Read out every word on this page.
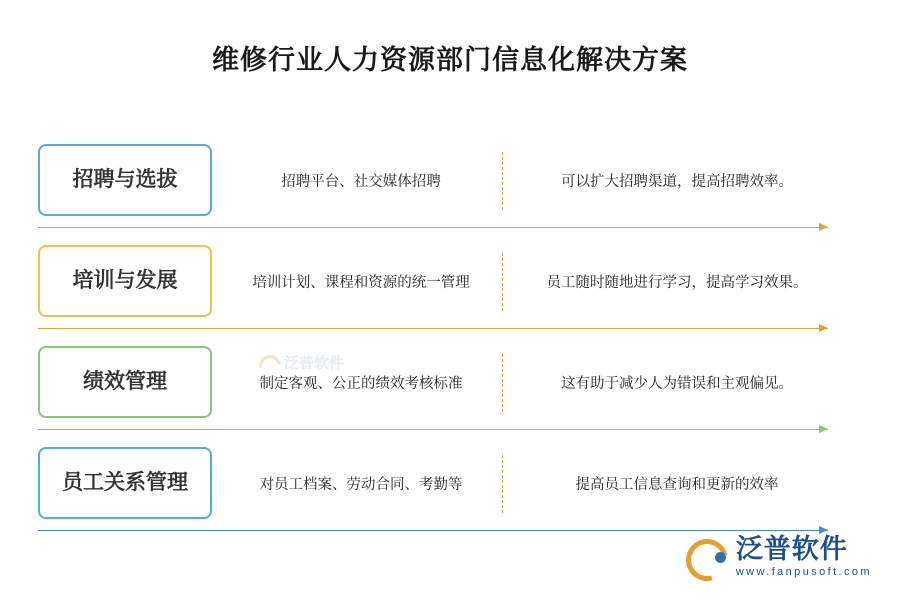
维修行业人力资源部门信息化解决方案
招聘与选拔	招聘平台、社交媒体招聘	可以扩大招聘渠道，提高招聘效率。
培训与发展	培训计划、课程和资源的统一管理	员工随时随地进行学习，提高学习效果。
绩效管理	制定客观、公正的绩效考核标准	这有助于减少人为错误和主观偏见。
员工关系管理	对员工档案、劳动合同、考勤等	提高员工信息查询和更新的效率
泛普软件
泛普软件
www.fanpusoft.com
